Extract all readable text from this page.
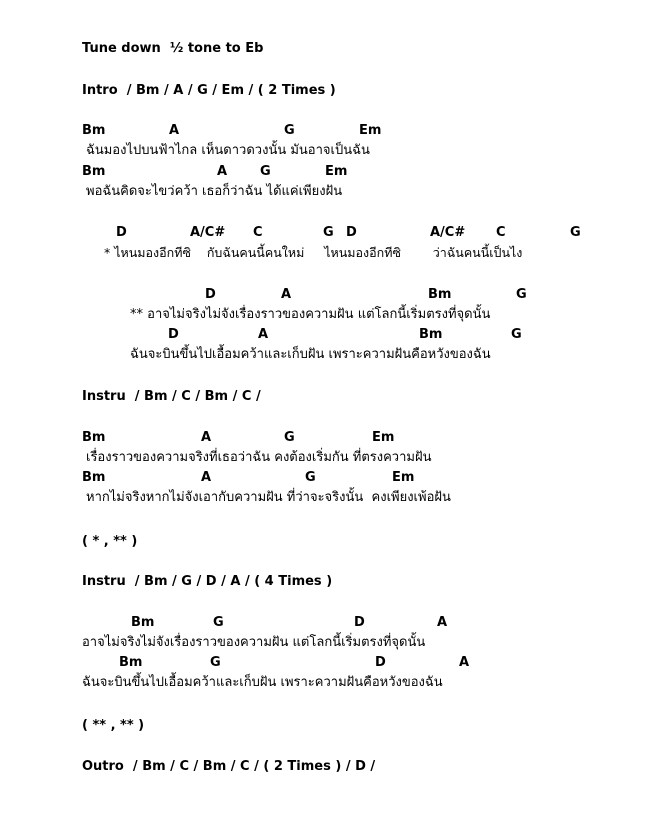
Tune down  ½ tone to Eb
Intro  / Bm / A / G / Em / ( 2 Times )
Bm	A	G	Em
ฉันมองไปบนฟ้าไกล เห็นดาวดวงนั้น มันอาจเป็นฉัน
Bm	A	G	Em
พอฉันคิดจะไขว่คว้า เธอก็ว่าฉัน ได้แค่เพียงฝัน
D	A/C# C	G D	A/C# C	G
* ไหนมองอีกทีซิ    กับฉันคนนี้คนใหม่     ไหนมองอีกทีซิ        ว่าฉันคนนี้เป็นไง
D	A	Bm	G
** อาจไม่จริงไม่จังเรื่องราวของความฝัน แต่โลกนี้เริ่มตรงที่จุดนั้น
D	A	Bm	G
ฉันจะบินขึ้นไปเอื้อมคว้าและเก็บฝัน เพราะความฝันคือหวังของฉัน
Instru  / Bm / C / Bm / C /
Bm	A	G	Em
เรื่องราวของความจริงที่เธอว่าฉัน คงต้องเริ่มกัน ที่ตรงความฝัน
Bm	A	G	Em
หากไม่จริงหากไม่จังเอากับความฝัน ที่ว่าจะจริงนั้น  คงเพียงเพ้อฝัน
( * , ** )
Instru  / Bm / G / D / A / ( 4 Times )
Bm	G	D	A
อาจไม่จริงไม่จังเรื่องราวของความฝัน แต่โลกนี้เริ่มตรงที่จุดนั้น
Bm	G	D	A
ฉันจะบินขึ้นไปเอื้อมคว้าและเก็บฝัน เพราะความฝันคือหวังของฉัน
( ** , ** )
Outro  / Bm / C / Bm / C / ( 2 Times ) / D /
